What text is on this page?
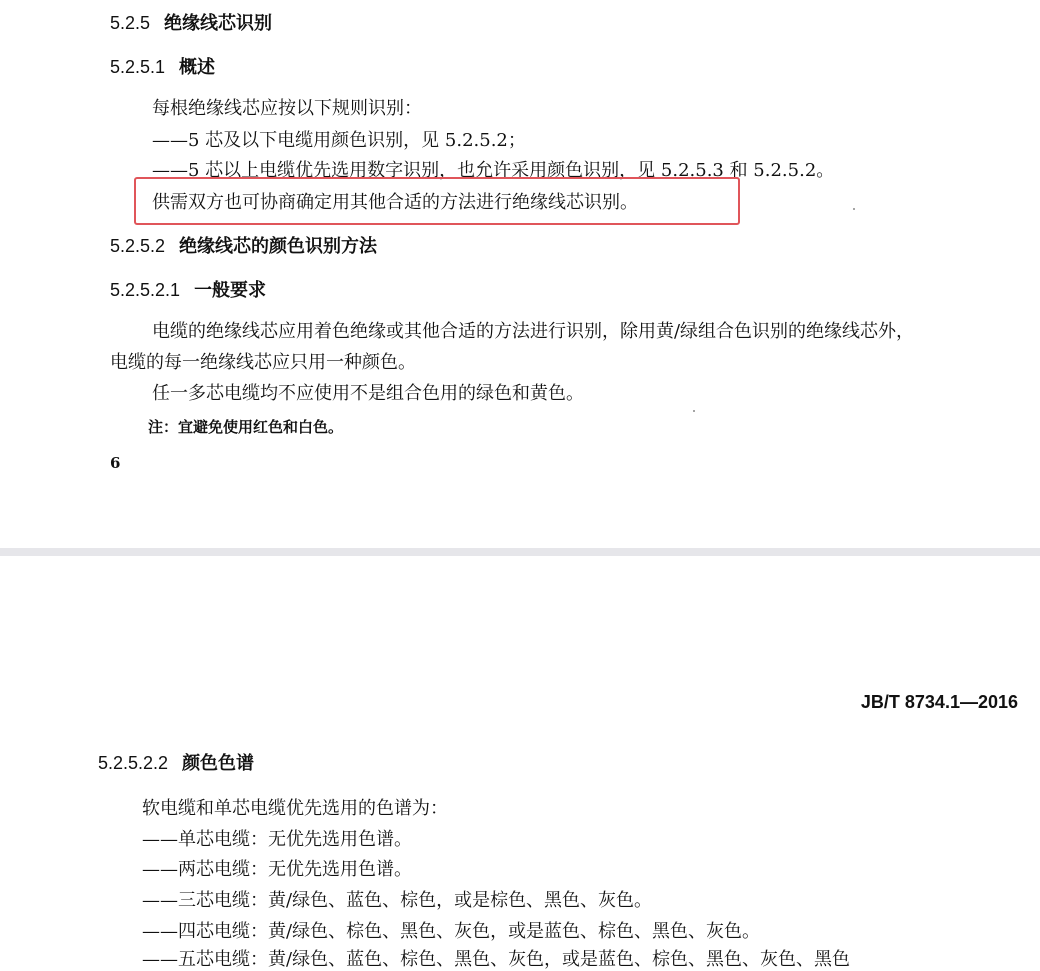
5.2.5 绝缘线芯识别
5.2.5.1 概述
每根绝缘线芯应按以下规则识别：
——5 芯及以下电缆用颜色识别，见 5.2.5.2；
——5 芯以上电缆优先选用数字识别，也允许采用颜色识别，见 5.2.5.3 和 5.2.5.2。
供需双方也可协商确定用其他合适的方法进行绝缘线芯识别。
5.2.5.2 绝缘线芯的颜色识别方法
5.2.5.2.1 一般要求
电缆的绝缘线芯应用着色绝缘或其他合适的方法进行识别，除用黄/绿组合色识别的绝缘线芯外，
电缆的每一绝缘线芯应只用一种颜色。
任一多芯电缆均不应使用不是组合色用的绿色和黄色。
注：宜避免使用红色和白色。
6
JB/T 8734.1—2016
5.2.5.2.2 颜色色谱
软电缆和单芯电缆优先选用的色谱为：
——单芯电缆：无优先选用色谱。
——两芯电缆：无优先选用色谱。
——三芯电缆：黄/绿色、蓝色、棕色，或是棕色、黑色、灰色。
——四芯电缆：黄/绿色、棕色、黑色、灰色，或是蓝色、棕色、黑色、灰色。
——五芯电缆：黄/绿色、蓝色、棕色、黑色、灰色，或是蓝色、棕色、黑色、灰色、黑色
